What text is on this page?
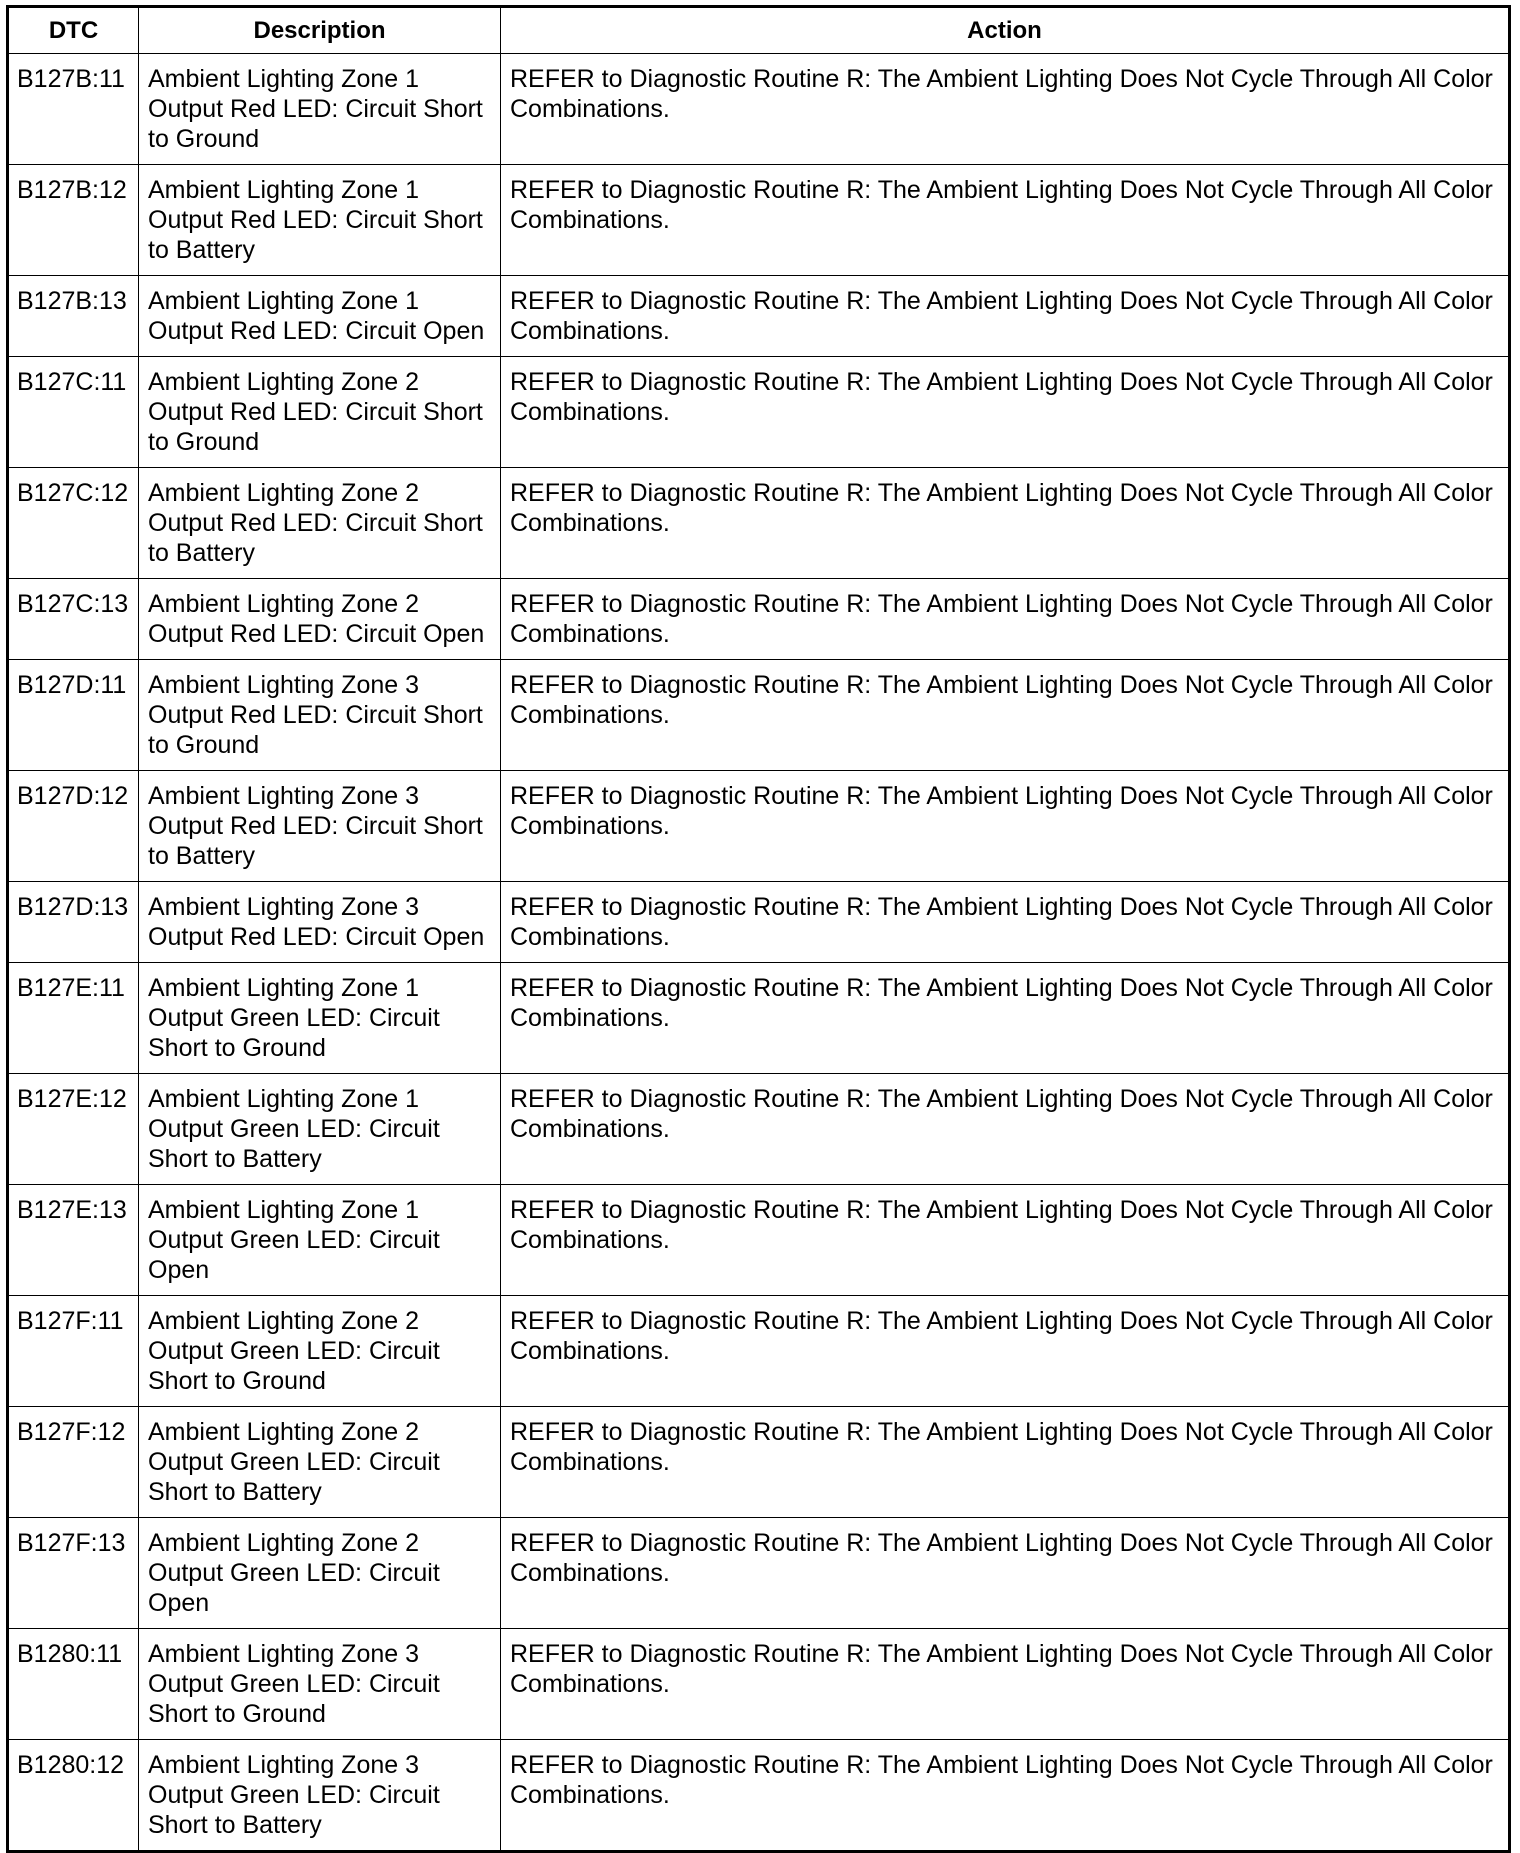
DTC	Description	Action
B127B:11	Ambient Lighting Zone 1 Output Red LED: Circuit Short to Ground	REFER to Diagnostic Routine R: The Ambient Lighting Does Not Cycle Through All Color Combinations.
B127B:12	Ambient Lighting Zone 1 Output Red LED: Circuit Short to Battery	REFER to Diagnostic Routine R: The Ambient Lighting Does Not Cycle Through All Color Combinations.
B127B:13	Ambient Lighting Zone 1 Output Red LED: Circuit Open	REFER to Diagnostic Routine R: The Ambient Lighting Does Not Cycle Through All Color Combinations.
B127C:11	Ambient Lighting Zone 2 Output Red LED: Circuit Short to Ground	REFER to Diagnostic Routine R: The Ambient Lighting Does Not Cycle Through All Color Combinations.
B127C:12	Ambient Lighting Zone 2 Output Red LED: Circuit Short to Battery	REFER to Diagnostic Routine R: The Ambient Lighting Does Not Cycle Through All Color Combinations.
B127C:13	Ambient Lighting Zone 2 Output Red LED: Circuit Open	REFER to Diagnostic Routine R: The Ambient Lighting Does Not Cycle Through All Color Combinations.
B127D:11	Ambient Lighting Zone 3 Output Red LED: Circuit Short to Ground	REFER to Diagnostic Routine R: The Ambient Lighting Does Not Cycle Through All Color Combinations.
B127D:12	Ambient Lighting Zone 3 Output Red LED: Circuit Short to Battery	REFER to Diagnostic Routine R: The Ambient Lighting Does Not Cycle Through All Color Combinations.
B127D:13	Ambient Lighting Zone 3 Output Red LED: Circuit Open	REFER to Diagnostic Routine R: The Ambient Lighting Does Not Cycle Through All Color Combinations.
B127E:11	Ambient Lighting Zone 1 Output Green LED: Circuit Short to Ground	REFER to Diagnostic Routine R: The Ambient Lighting Does Not Cycle Through All Color Combinations.
B127E:12	Ambient Lighting Zone 1 Output Green LED: Circuit Short to Battery	REFER to Diagnostic Routine R: The Ambient Lighting Does Not Cycle Through All Color Combinations.
B127E:13	Ambient Lighting Zone 1 Output Green LED: Circuit Open	REFER to Diagnostic Routine R: The Ambient Lighting Does Not Cycle Through All Color Combinations.
B127F:11	Ambient Lighting Zone 2 Output Green LED: Circuit Short to Ground	REFER to Diagnostic Routine R: The Ambient Lighting Does Not Cycle Through All Color Combinations.
B127F:12	Ambient Lighting Zone 2 Output Green LED: Circuit Short to Battery	REFER to Diagnostic Routine R: The Ambient Lighting Does Not Cycle Through All Color Combinations.
B127F:13	Ambient Lighting Zone 2 Output Green LED: Circuit Open	REFER to Diagnostic Routine R: The Ambient Lighting Does Not Cycle Through All Color Combinations.
B1280:11	Ambient Lighting Zone 3 Output Green LED: Circuit Short to Ground	REFER to Diagnostic Routine R: The Ambient Lighting Does Not Cycle Through All Color Combinations.
B1280:12	Ambient Lighting Zone 3 Output Green LED: Circuit Short to Battery	REFER to Diagnostic Routine R: The Ambient Lighting Does Not Cycle Through All Color Combinations.
